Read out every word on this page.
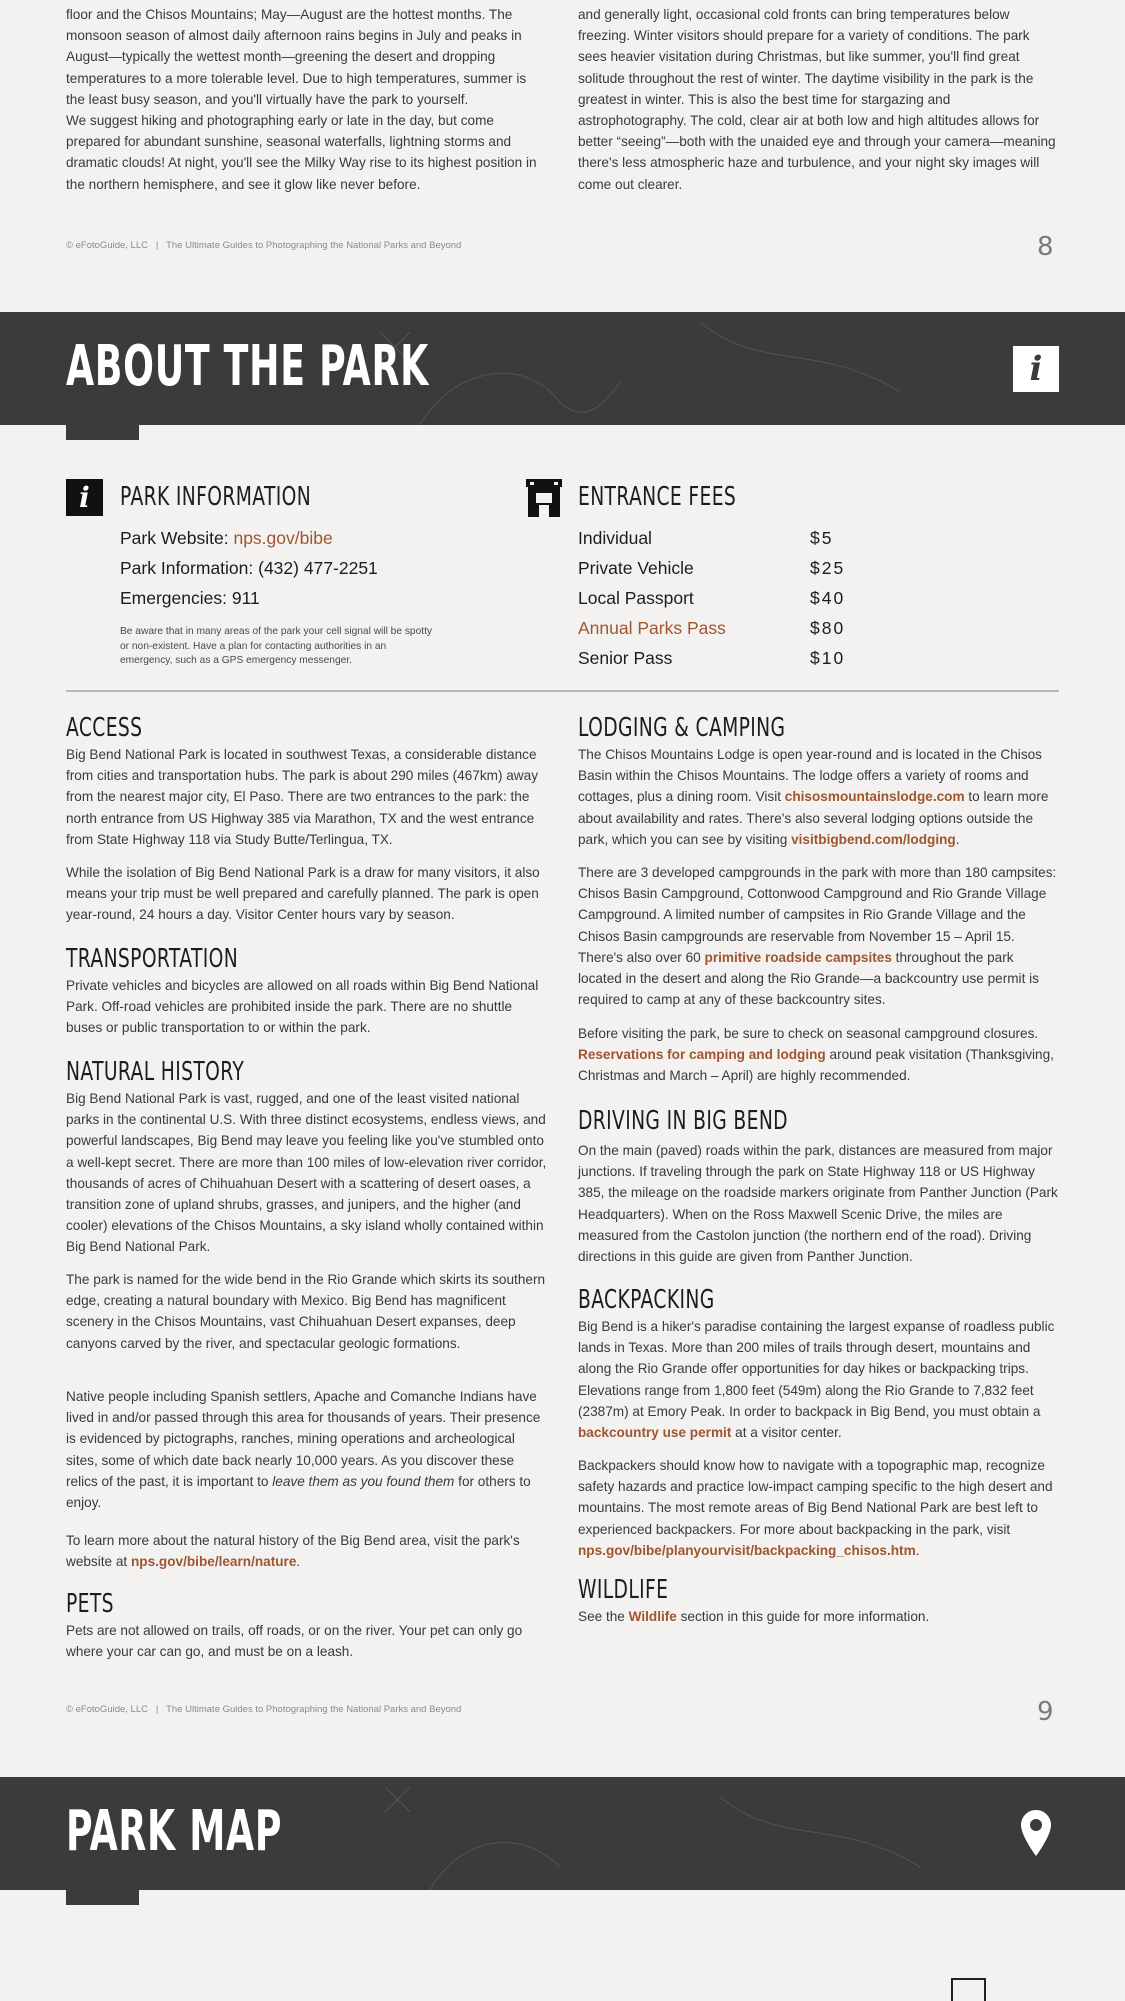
floor and the Chisos Mountains; May—August are the hottest months. The monsoon season of almost daily afternoon rains begins in July and peaks in August—typically the wettest month—greening the desert and dropping temperatures to a more tolerable level. Due to high temperatures, summer is the least busy season, and you'll virtually have the park to yourself.
We suggest hiking and photographing early or late in the day, but come prepared for abundant sunshine, seasonal waterfalls, lightning storms and dramatic clouds! At night, you'll see the Milky Way rise to its highest position in the northern hemisphere, and see it glow like never before.
and generally light, occasional cold fronts can bring temperatures below freezing. Winter visitors should prepare for a variety of conditions. The park sees heavier visitation during Christmas, but like summer, you'll find great solitude throughout the rest of winter. The daytime visibility in the park is the greatest in winter. This is also the best time for stargazing and astrophotography. The cold, clear air at both low and high altitudes allows for better “seeing”—both with the unaided eye and through your camera—meaning there's less atmospheric haze and turbulence, and your night sky images will come out clearer.
© eFotoGuide, LLC   |   The Ultimate Guides to Photographing the National Parks and Beyond	8
ABOUT THE PARK	i
i	PARK INFORMATION
Park Website: nps.gov/bibe
Park Information: (432) 477-2251
Emergencies: 911
Be aware that in many areas of the park your cell signal will be spotty or non-existent. Have a plan for contacting authorities in an emergency, such as a GPS emergency messenger.
ENTRANCE FEES
Individual	$5
Private Vehicle	$25
Local Passport	$40
Annual Parks Pass	$80
Senior Pass	$10
ACCESS
Big Bend National Park is located in southwest Texas, a considerable distance from cities and transportation hubs. The park is about 290 miles (467km) away from the nearest major city, El Paso. There are two entrances to the park: the north entrance from US Highway 385 via Marathon, TX and the west entrance from State Highway 118 via Study Butte/Terlingua, TX.
While the isolation of Big Bend National Park is a draw for many visitors, it also means your trip must be well prepared and carefully planned. The park is open year-round, 24 hours a day. Visitor Center hours vary by season.
TRANSPORTATION
Private vehicles and bicycles are allowed on all roads within Big Bend National Park. Off-road vehicles are prohibited inside the park. There are no shuttle buses or public transportation to or within the park.
NATURAL HISTORY
Big Bend National Park is vast, rugged, and one of the least visited national parks in the continental U.S. With three distinct ecosystems, endless views, and powerful landscapes, Big Bend may leave you feeling like you've stumbled onto a well-kept secret. There are more than 100 miles of low-elevation river corridor, thousands of acres of Chihuahuan Desert with a scattering of desert oases, a transition zone of upland shrubs, grasses, and junipers, and the higher (and cooler) elevations of the Chisos Mountains, a sky island wholly contained within Big Bend National Park.
The park is named for the wide bend in the Rio Grande which skirts its southern edge, creating a natural boundary with Mexico. Big Bend has magnificent scenery in the Chisos Mountains, vast Chihuahuan Desert expanses, deep canyons carved by the river, and spectacular geologic formations.
Native people including Spanish settlers, Apache and Comanche Indians have lived in and/or passed through this area for thousands of years. Their presence is evidenced by pictographs, ranches, mining operations and archeological sites, some of which date back nearly 10,000 years. As you discover these relics of the past, it is important to leave them as you found them for others to enjoy.
To learn more about the natural history of the Big Bend area, visit the park's website at nps.gov/bibe/learn/nature.
PETS
Pets are not allowed on trails, off roads, or on the river. Your pet can only go where your car can go, and must be on a leash.
LODGING & CAMPING
The Chisos Mountains Lodge is open year-round and is located in the Chisos Basin within the Chisos Mountains. The lodge offers a variety of rooms and cottages, plus a dining room. Visit chisosmountainslodge.com to learn more about availability and rates. There's also several lodging options outside the park, which you can see by visiting visitbigbend.com/lodging.
There are 3 developed campgrounds in the park with more than 180 campsites: Chisos Basin Campground, Cottonwood Campground and Rio Grande Village Campground. A limited number of campsites in Rio Grande Village and the Chisos Basin campgrounds are reservable from November 15 – April 15. There's also over 60 primitive roadside campsites throughout the park located in the desert and along the Rio Grande—a backcountry use permit is required to camp at any of these backcountry sites.
Before visiting the park, be sure to check on seasonal campground closures. Reservations for camping and lodging around peak visitation (Thanksgiving, Christmas and March – April) are highly recommended.
DRIVING IN BIG BEND
On the main (paved) roads within the park, distances are measured from major junctions. If traveling through the park on State Highway 118 or US Highway 385, the mileage on the roadside markers originate from Panther Junction (Park Headquarters). When on the Ross Maxwell Scenic Drive, the miles are measured from the Castolon junction (the northern end of the road). Driving directions in this guide are given from Panther Junction.
BACKPACKING
Big Bend is a hiker's paradise containing the largest expanse of roadless public lands in Texas. More than 200 miles of trails through desert, mountains and along the Rio Grande offer opportunities for day hikes or backpacking trips. Elevations range from 1,800 feet (549m) along the Rio Grande to 7,832 feet (2387m) at Emory Peak. In order to backpack in Big Bend, you must obtain a backcountry use permit at a visitor center.
Backpackers should know how to navigate with a topographic map, recognize safety hazards and practice low-impact camping specific to the high desert and mountains. The most remote areas of Big Bend National Park are best left to experienced backpackers. For more about backpacking in the park, visit nps.gov/bibe/planyourvisit/backpacking_chisos.htm.
WILDLIFE
See the Wildlife section in this guide for more information.
© eFotoGuide, LLC   |   The Ultimate Guides to Photographing the National Parks and Beyond	9
PARK MAP
